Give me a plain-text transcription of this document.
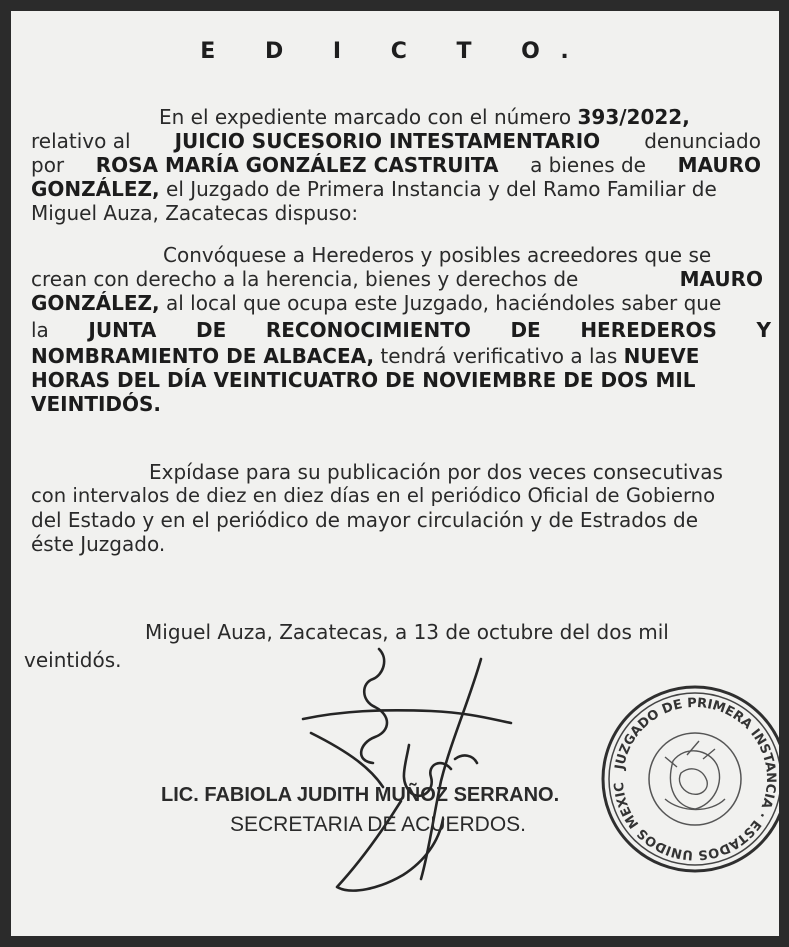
E D I C T O.
En el expediente marcado con el número 393/2022,
relativo al JUICIO SUCESORIO INTESTAMENTARIO denunciado
por ROSA MARÍA GONZÁLEZ CASTRUITA a bienes de MAURO
GONZÁLEZ, el Juzgado de Primera Instancia y del Ramo Familiar de
Miguel Auza, Zacatecas dispuso:
Convóquese a Herederos y posibles acreedores que se
crean con derecho a la herencia, bienes y derechos de	MAURO
GONZÁLEZ, al local que ocupa este Juzgado, haciéndoles saber que
la JUNTA DE RECONOCIMIENTO DE HEREDEROS Y
NOMBRAMIENTO DE ALBACEA, tendrá verificativo a las NUEVE
HORAS DEL DÍA VEINTICUATRO DE NOVIEMBRE DE DOS MIL
VEINTIDÓS.
Expídase para su publicación por dos veces consecutivas
con intervalos de diez en diez días en el periódico Oficial de Gobierno
del Estado y en el periódico de mayor circulación y de Estrados de
éste Juzgado.
Miguel Auza, Zacatecas, a 13 de octubre del dos mil
veintidós.
JUZGADO DE PRIMERA INSTANCIA · ESTADOS UNIDOS MEXICANOS · ZAC.
LIC. FABIOLA JUDITH MUÑOZ SERRANO.
SECRETARIA DE ACUERDOS.
